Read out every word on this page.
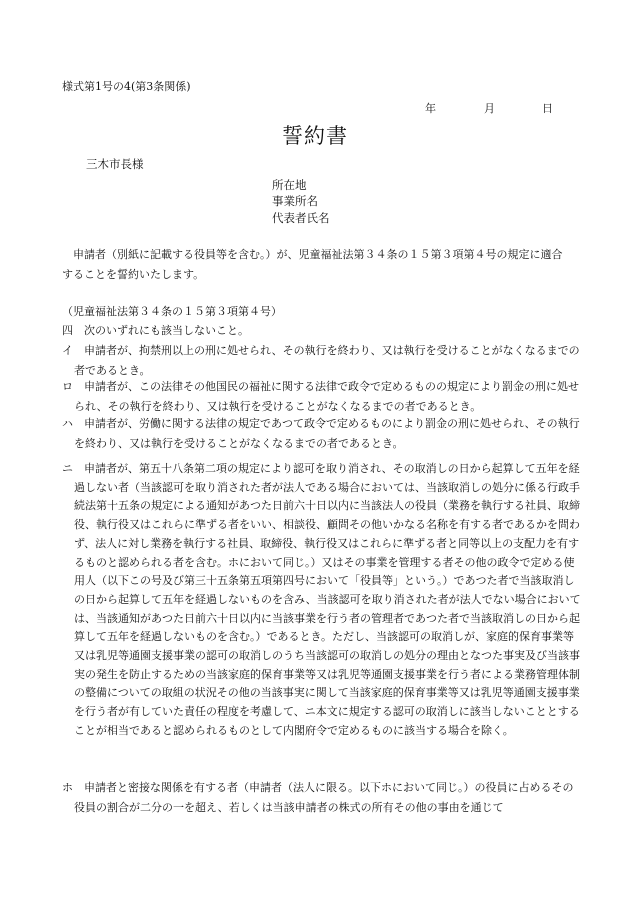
様式第1号の4(第3条関係)
年	月	日
誓約書
三木市長様
所在地
事業所名
代表者氏名

申請者（別紙に記載する役員等を含む。）が、児童福祉法第３４条の１５第３項第４号の規定に適合することを誓約いたします。

（児童福祉法第３４条の１５第３項第４号）

四　次のいずれにも該当しないこと。

イ　申請者が、拘禁刑以上の刑に処せられ、その執行を終わり、又は執行を受けることがなくなるまでの者であるとき。

ロ　申請者が、この法律その他国民の福祉に関する法律で政令で定めるものの規定により罰金の刑に処せられ、その執行を終わり、又は執行を受けることがなくなるまでの者であるとき。

ハ　申請者が、労働に関する法律の規定であつて政令で定めるものにより罰金の刑に処せられ、その執行を終わり、又は執行を受けることがなくなるまでの者であるとき。

ニ　申請者が、第五十八条第二項の規定により認可を取り消され、その取消しの日から起算して五年を経過しない者（当該認可を取り消された者が法人である場合においては、当該取消しの処分に係る行政手続法第十五条の規定による通知があつた日前六十日以内に当該法人の役員（業務を執行する社員、取締役、執行役又はこれらに準ずる者をいい、相談役、顧問その他いかなる名称を有する者であるかを問わず、法人に対し業務を執行する社員、取締役、執行役又はこれらに準ずる者と同等以上の支配力を有するものと認められる者を含む。ホにおいて同じ。）又はその事業を管理する者その他の政令で定める使用人（以下この号及び第三十五条第五項第四号において「役員等」という。）であつた者で当該取消しの日から起算して五年を経過しないものを含み、当該認可を取り消された者が法人でない場合においては、当該通知があつた日前六十日以内に当該事業を行う者の管理者であつた者で当該取消しの日から起算して五年を経過しないものを含む。）であるとき。ただし、当該認可の取消しが、家庭的保育事業等又は乳児等通園支援事業の認可の取消しのうち当該認可の取消しの処分の理由となつた事実及び当該事実の発生を防止するための当該家庭的保育事業等又は乳児等通園支援事業を行う者による業務管理体制の整備についての取組の状況その他の当該事実に関して当該家庭的保育事業等又は乳児等通園支援事業を行う者が有していた責任の程度を考慮して、ニ本文に規定する認可の取消しに該当しないこととすることが相当であると認められるものとして内閣府令で定めるものに該当する場合を除く。

ホ　申請者と密接な関係を有する者（申請者（法人に限る。以下ホにおいて同じ。）の役員に占めるその役員の割合が二分の一を超え、若しくは当該申請者の株式の所有その他の事由を通じて
